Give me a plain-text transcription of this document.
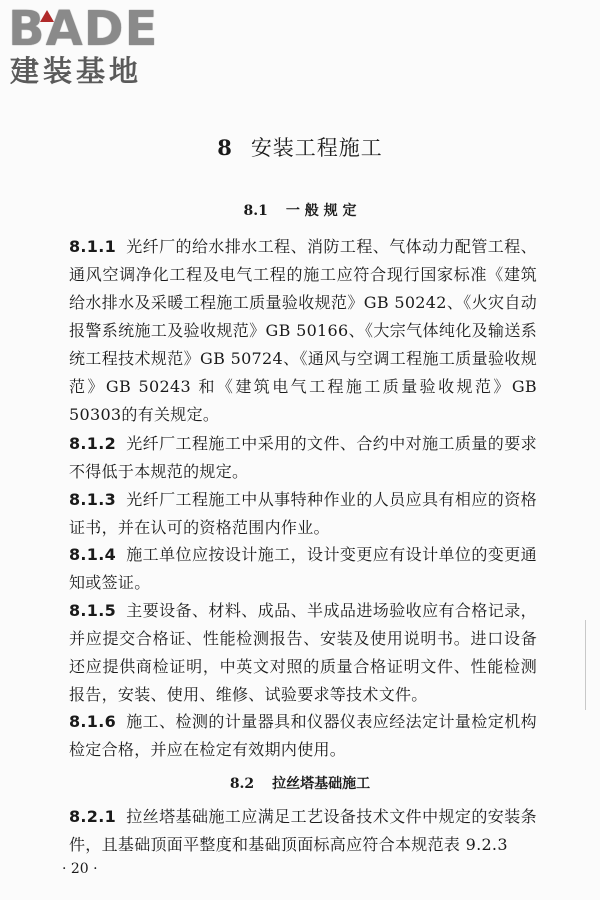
BADE
建装基地
8 安装工程施工
8.1 一 般 规 定
8.1.1 光纤厂的给水排水工程、消防工程、气体动力配管工程、通风空调净化工程及电气工程的施工应符合现行国家标准《建筑给水排水及采暖工程施工质量验收规范》GB 50242、《火灾自动报警系统施工及验收规范》GB 50166、《大宗气体纯化及输送系统工程技术规范》GB 50724、《通风与空调工程施工质量验收规范》GB 50243 和《建筑电气工程施工质量验收规范》GB 50303的有关规定。
8.1.2 光纤厂工程施工中采用的文件、合约中对施工质量的要求不得低于本规范的规定。
8.1.3 光纤厂工程施工中从事特种作业的人员应具有相应的资格证书，并在认可的资格范围内作业。
8.1.4 施工单位应按设计施工，设计变更应有设计单位的变更通知或签证。
8.1.5 主要设备、材料、成品、半成品进场验收应有合格记录，并应提交合格证、性能检测报告、安装及使用说明书。进口设备还应提供商检证明，中英文对照的质量合格证明文件、性能检测报告，安装、使用、维修、试验要求等技术文件。
8.1.6 施工、检测的计量器具和仪器仪表应经法定计量检定机构检定合格，并应在检定有效期内使用。
8.2 拉丝塔基础施工
8.2.1 拉丝塔基础施工应满足工艺设备技术文件中规定的安装条件，且基础顶面平整度和基础顶面标高应符合本规范表 9.2.3
· 20 ·
